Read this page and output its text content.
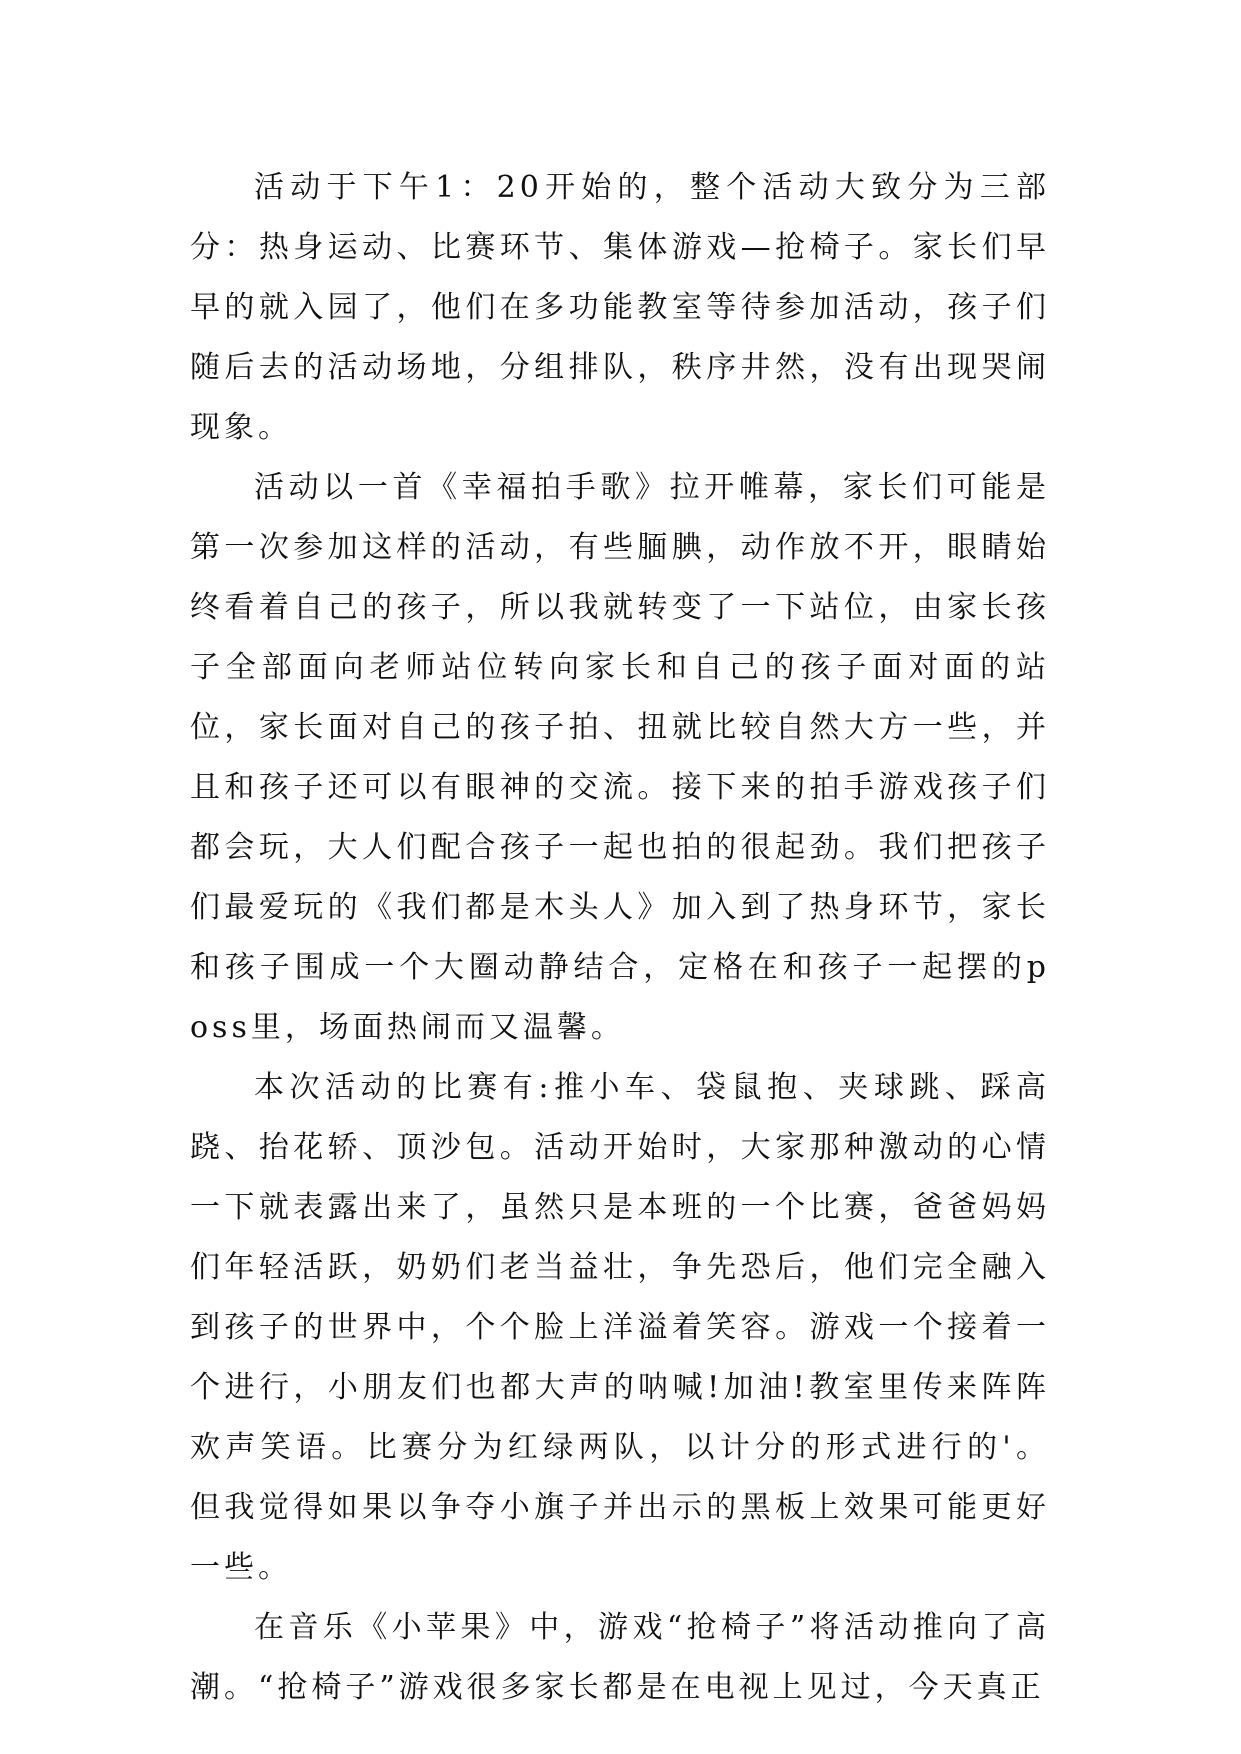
活动于下午1：20开始的，整个活动大致分为三部分：热身运动、比赛环节、集体游戏—抢椅子。家长们早早的就入园了，他们在多功能教室等待参加活动，孩子们随后去的活动场地，分组排队，秩序井然，没有出现哭闹现象。

活动以一首《幸福拍手歌》拉开帷幕，家长们可能是第一次参加这样的活动，有些腼腆，动作放不开，眼睛始终看着自己的孩子，所以我就转变了一下站位，由家长孩子全部面向老师站位转向家长和自己的孩子面对面的站位，家长面对自己的孩子拍、扭就比较自然大方一些，并且和孩子还可以有眼神的交流。接下来的拍手游戏孩子们都会玩，大人们配合孩子一起也拍的很起劲。我们把孩子们最爱玩的《我们都是木头人》加入到了热身环节，家长和孩子围成一个大圈动静结合，定格在和孩子一起摆的poss里，场面热闹而又温馨。

本次活动的比赛有:推小车、袋鼠抱、夹球跳、踩高跷、抬花轿、顶沙包。活动开始时，大家那种激动的心情一下就表露出来了，虽然只是本班的一个比赛，爸爸妈妈们年轻活跃，奶奶们老当益壮，争先恐后，他们完全融入到孩子的世界中，个个脸上洋溢着笑容。游戏一个接着一个进行，小朋友们也都大声的呐喊!加油!教室里传来阵阵欢声笑语。比赛分为红绿两队，以计分的形式进行的'。但我觉得如果以争夺小旗子并出示的黑板上效果可能更好一些。

在音乐《小苹果》中，游戏“抢椅子”将活动推向了高潮。“抢椅子”游戏很多家长都是在电视上见过，今天真正
